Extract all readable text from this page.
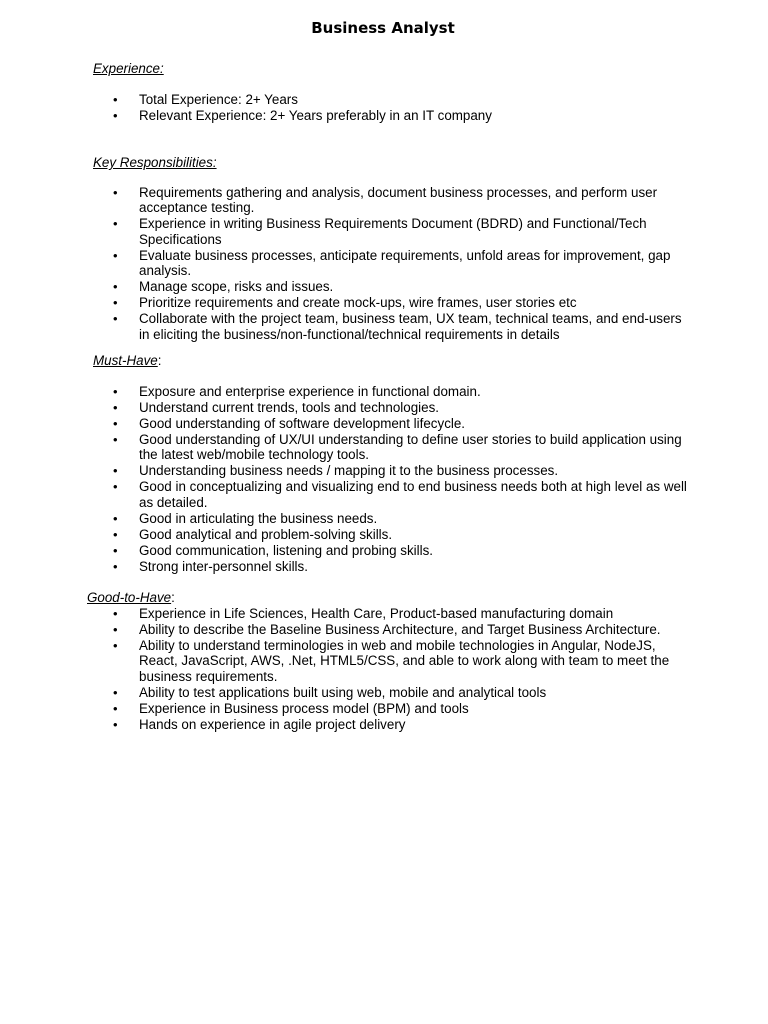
Business Analyst

Experience:

• Total Experience: 2+ Years
• Relevant Experience: 2+ Years preferably in an IT company

Key Responsibilities:

• Requirements gathering and analysis, document business processes, and perform user acceptance testing.
• Experience in writing Business Requirements Document (BDRD) and Functional/Tech Specifications
• Evaluate business processes, anticipate requirements, unfold areas for improvement, gap analysis.
• Manage scope, risks and issues.
• Prioritize requirements and create mock-ups, wire frames, user stories etc
• Collaborate with the project team, business team, UX team, technical teams, and end-users in eliciting the business/non-functional/technical requirements in details

Must-Have:

• Exposure and enterprise experience in functional domain.
• Understand current trends, tools and technologies.
• Good understanding of software development lifecycle.
• Good understanding of UX/UI understanding to define user stories to build application using the latest web/mobile technology tools.
• Understanding business needs / mapping it to the business processes.
• Good in conceptualizing and visualizing end to end business needs both at high level as well as detailed.
• Good in articulating the business needs.
• Good analytical and problem-solving skills.
• Good communication, listening and probing skills.
• Strong inter-personnel skills.

Good-to-Have:

• Experience in Life Sciences, Health Care, Product-based manufacturing domain
• Ability to describe the Baseline Business Architecture, and Target Business Architecture.
• Ability to understand terminologies in web and mobile technologies in Angular, NodeJS, React, JavaScript, AWS, .Net, HTML5/CSS, and able to work along with team to meet the business requirements.
• Ability to test applications built using web, mobile and analytical tools
• Experience in Business process model (BPM) and tools
• Hands on experience in agile project delivery
